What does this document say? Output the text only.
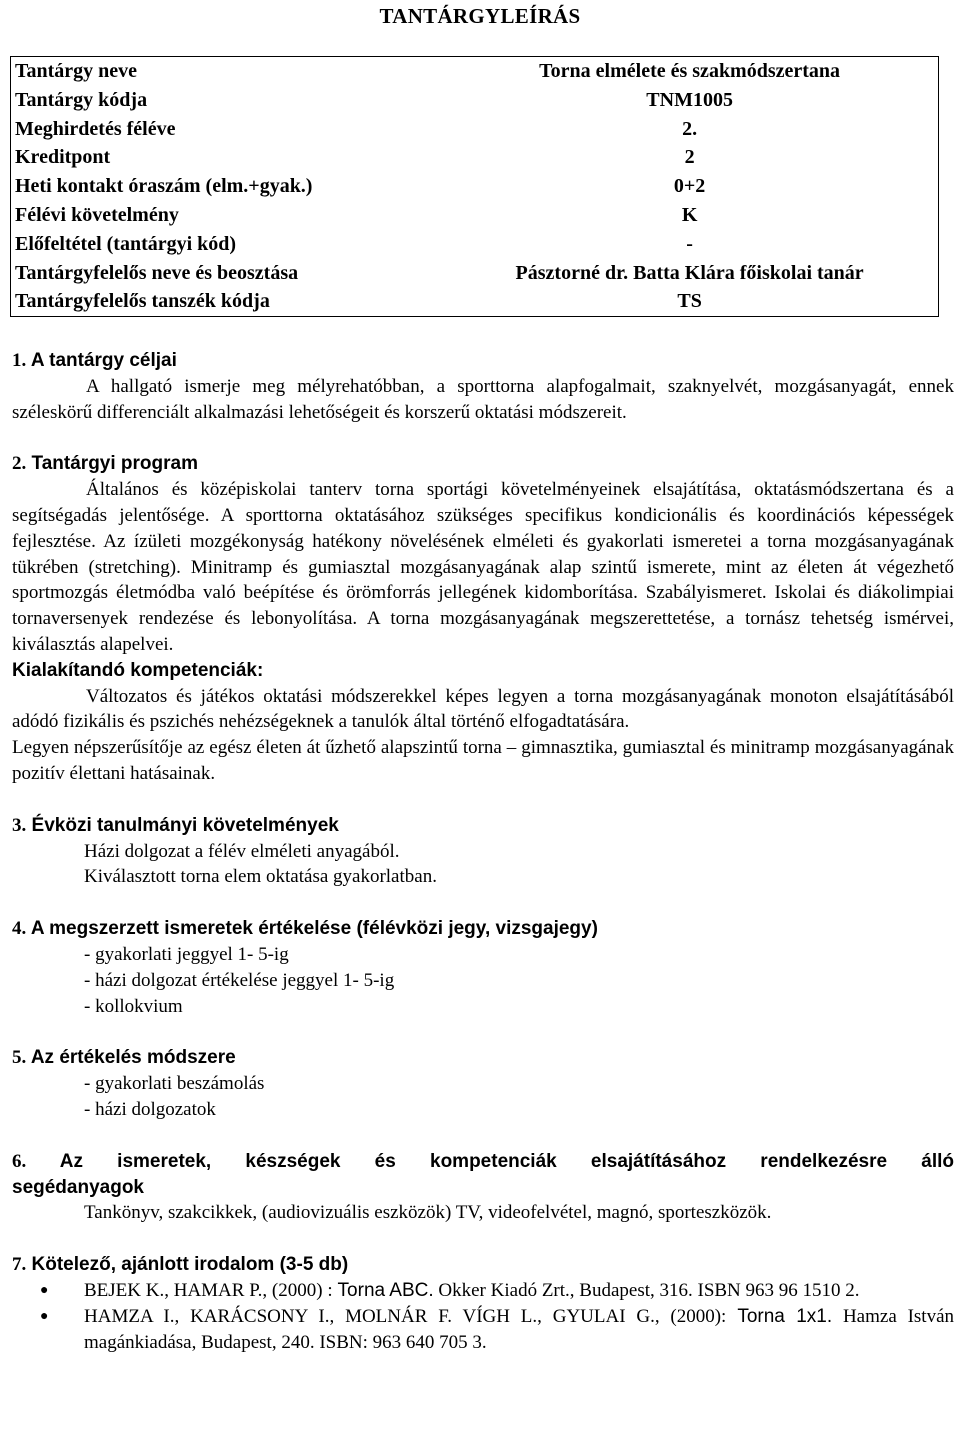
TANTÁRGYLEÍRÁS
Tantárgy neve	Torna elmélete és szakmódszertana
Tantárgy kódja	TNM1005
Meghirdetés féléve	2.
Kreditpont	2
Heti kontakt óraszám (elm.+gyak.)	0+2
Félévi követelmény	K
Előfeltétel (tantárgyi kód)	-
Tantárgyfelelős neve és beosztása	Pásztorné dr. Batta Klára főiskolai tanár
Tantárgyfelelős tanszék kódja	TS
1. A tantárgy céljai
A hallgató ismerje meg mélyrehatóbban, a sporttorna alapfogalmait, szaknyelvét, mozgásanyagát, ennek széleskörű differenciált alkalmazási lehetőségeit és korszerű oktatási módszereit.
2. Tantárgyi program
Általános és középiskolai tanterv torna sportági követelményeinek elsajátítása, oktatásmódszertana és a segítségadás jelentősége. A sporttorna oktatásához szükséges specifikus kondicionális és koordinációs képességek fejlesztése. Az ízületi mozgékonyság hatékony növelésének elméleti és gyakorlati ismeretei a torna mozgásanyagának tükrében (stretching). Minitramp és gumiasztal mozgásanyagának alap szintű ismerete, mint az életen át végezhető sportmozgás életmódba való beépítése és örömforrás jellegének kidomborítása. Szabályismeret. Iskolai és diákolimpiai tornaversenyek rendezése és lebonyolítása. A torna mozgásanyagának megszerettetése, a tornász tehetség ismérvei, kiválasztás alapelvei.
Kialakítandó kompetenciák:
Változatos és játékos oktatási módszerekkel képes legyen a torna mozgásanyagának monoton elsajátításából adódó fizikális és pszichés nehézségeknek a tanulók által történő elfogadtatására.
Legyen népszerűsítője az egész életen át űzhető alapszintű torna – gimnasztika, gumiasztal és minitramp mozgásanyagának pozitív élettani hatásainak.
3. Évközi tanulmányi követelmények
Házi dolgozat a félév elméleti anyagából.
Kiválasztott torna elem oktatása gyakorlatban.
4. A megszerzett ismeretek értékelése (félévközi jegy, vizsgajegy)
- gyakorlati jeggyel 1- 5-ig
- házi dolgozat értékelése jeggyel 1- 5-ig
- kollokvium
5. Az értékelés módszere
- gyakorlati beszámolás
- házi dolgozatok
6. Az ismeretek, készségek és kompetenciák elsajátításához rendelkezésre álló
segédanyagok
Tankönyv, szakcikkek, (audiovizuális eszközök) TV, videofelvétel, magnó, sporteszközök.
7. Kötelező, ajánlott irodalom (3-5 db)
● BEJEK K., HAMAR P., (2000) : Torna ABC. Okker Kiadó Zrt., Budapest, 316. ISBN 963 96 1510 2.
● HAMZA I., KARÁCSONY I., MOLNÁR F. VÍGH L., GYULAI G., (2000): Torna 1x1. Hamza István magánkiadása, Budapest, 240. ISBN: 963 640 705 3.
